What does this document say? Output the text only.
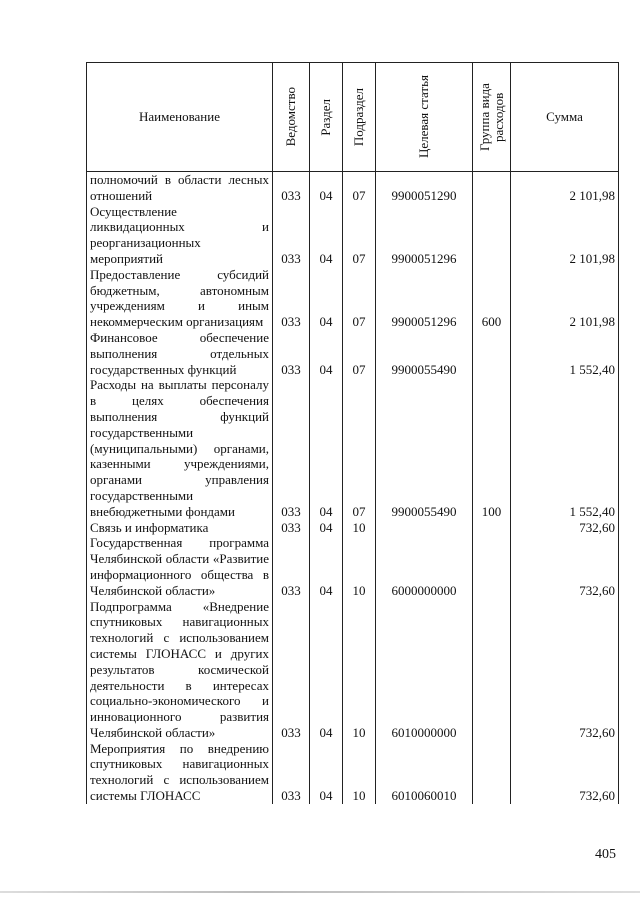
Наименование	Ведомство	Раздел	Подраздел	Целевая статья	Группа вида расходов	Сумма
полномочий в области лесных отношений	033	04	07	9900051290		2 101,98
Осуществление ликвидационных и реорганизационных мероприятий	033	04	07	9900051296		2 101,98
Предоставление субсидий бюджетным, автономным учреждениям и иным некоммерческим организациям	033	04	07	9900051296	600	2 101,98
Финансовое обеспечение выполнения отдельных государственных функций	033	04	07	9900055490		1 552,40
Расходы на выплаты персоналу в целях обеспечения выполнения функций государственными (муниципальными) органами, казенными учреждениями, органами управления государственными внебюджетными фондами	033	04	07	9900055490	100	1 552,40
Связь и информатика	033	04	10			732,60
Государственная программа Челябинской области «Развитие информационного общества в Челябинской области»	033	04	10	6000000000		732,60
Подпрограмма «Внедрение спутниковых навигационных технологий с использованием системы ГЛОНАСС и других результатов космической деятельности в интересах социально-экономического и инновационного развития Челябинской области»	033	04	10	6010000000		732,60
Мероприятия по внедрению спутниковых навигационных технологий с использованием системы ГЛОНАСС	033	04	10	6010060010		732,60
405
